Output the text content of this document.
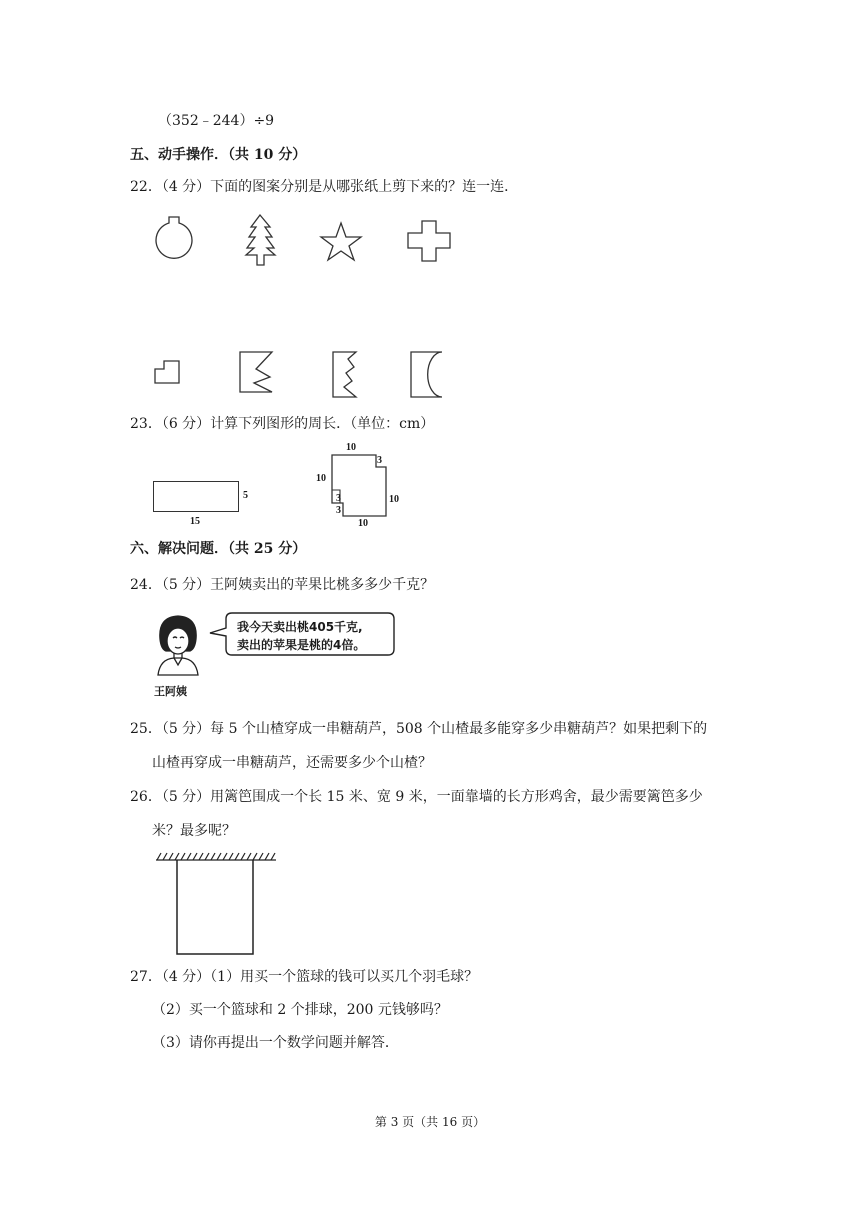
（352﹣244）÷9
五、动手操作．（共 10 分）
22．（4 分）下面的图案分别是从哪张纸上剪下来的？连一连．
23．（6 分）计算下列图形的周长．（单位：cm）
5
15
10
3
10
10
3
3
10
六、解决问题．（共 25 分）
24．（5 分）王阿姨卖出的苹果比桃多多少千克？
我今天卖出桃405千克,
卖出的苹果是桃的4倍。
王阿姨
25．（5 分）每 5 个山楂穿成一串糖葫芦，508 个山楂最多能穿多少串糖葫芦？如果把剩下的
山楂再穿成一串糖葫芦，还需要多少个山楂？
26．（5 分）用篱笆围成一个长 15 米、宽 9 米，一面靠墙的长方形鸡舍，最少需要篱笆多少
米？最多呢？
27．（4 分）（1）用买一个篮球的钱可以买几个羽毛球？
（2）买一个篮球和 2 个排球，200 元钱够吗？
（3）请你再提出一个数学问题并解答．
第 3 页（共 16 页）
